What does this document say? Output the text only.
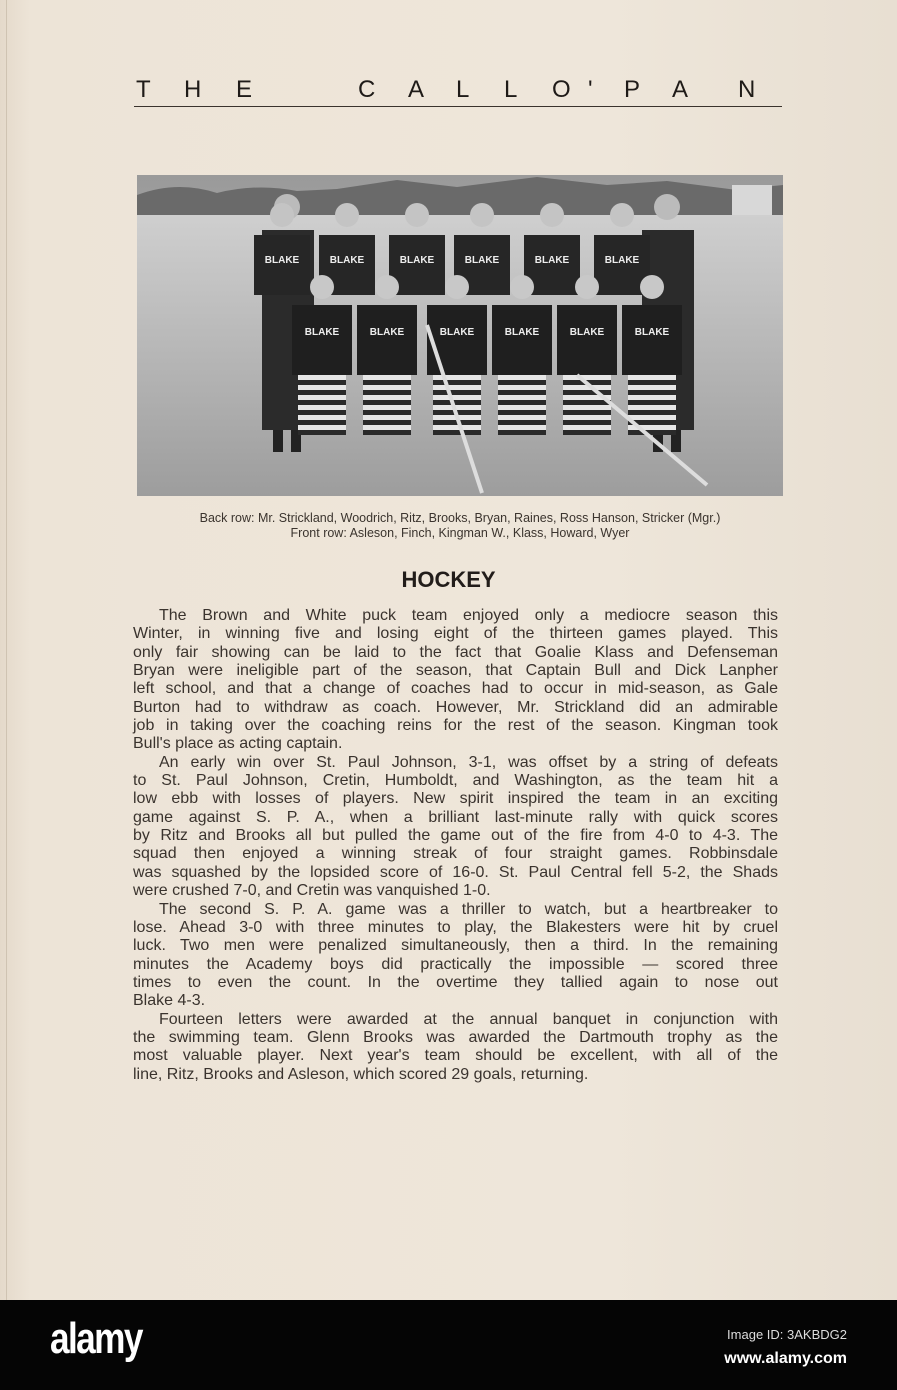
T H E	C A L L O ' P A N
BLAKE	BLAKE	BLAKE	BLAKE	BLAKE	BLAKE
BLAKE	BLAKE	BLAKE	BLAKE	BLAKE	BLAKE
Back row: Mr. Strickland, Woodrich, Ritz, Brooks, Bryan, Raines, Ross Hanson, Stricker (Mgr.)
Front row: Asleson, Finch, Kingman W., Klass, Howard, Wyer
HOCKEY
The Brown and White puck team enjoyed only a mediocre season this
Winter, in winning five and losing eight of the thirteen games played. This
only fair showing can be laid to the fact that Goalie Klass and Defenseman
Bryan were ineligible part of the season, that Captain Bull and Dick Lanpher
left school, and that a change of coaches had to occur in mid-season, as Gale
Burton had to withdraw as coach. However, Mr. Strickland did an admirable
job in taking over the coaching reins for the rest of the season. Kingman took
Bull's place as acting captain.
An early win over St. Paul Johnson, 3-1, was offset by a string of defeats
to St. Paul Johnson, Cretin, Humboldt, and Washington, as the team hit a
low ebb with losses of players. New spirit inspired the team in an exciting
game against S. P. A., when a brilliant last-minute rally with quick scores
by Ritz and Brooks all but pulled the game out of the fire from 4-0 to 4-3. The
squad then enjoyed a winning streak of four straight games. Robbinsdale
was squashed by the lopsided score of 16-0. St. Paul Central fell 5-2, the Shads
were crushed 7-0, and Cretin was vanquished 1-0.
The second S. P. A. game was a thriller to watch, but a heartbreaker to
lose. Ahead 3-0 with three minutes to play, the Blakesters were hit by cruel
luck. Two men were penalized simultaneously, then a third. In the remaining
minutes the Academy boys did practically the impossible — scored three
times to even the count. In the overtime they tallied again to nose out
Blake 4-3.
Fourteen letters were awarded at the annual banquet in conjunction with
the swimming team. Glenn Brooks was awarded the Dartmouth trophy as the
most valuable player. Next year's team should be excellent, with all of the
line, Ritz, Brooks and Asleson, which scored 29 goals, returning.
alamy	Image ID: 3AKBDG2
www.alamy.com
